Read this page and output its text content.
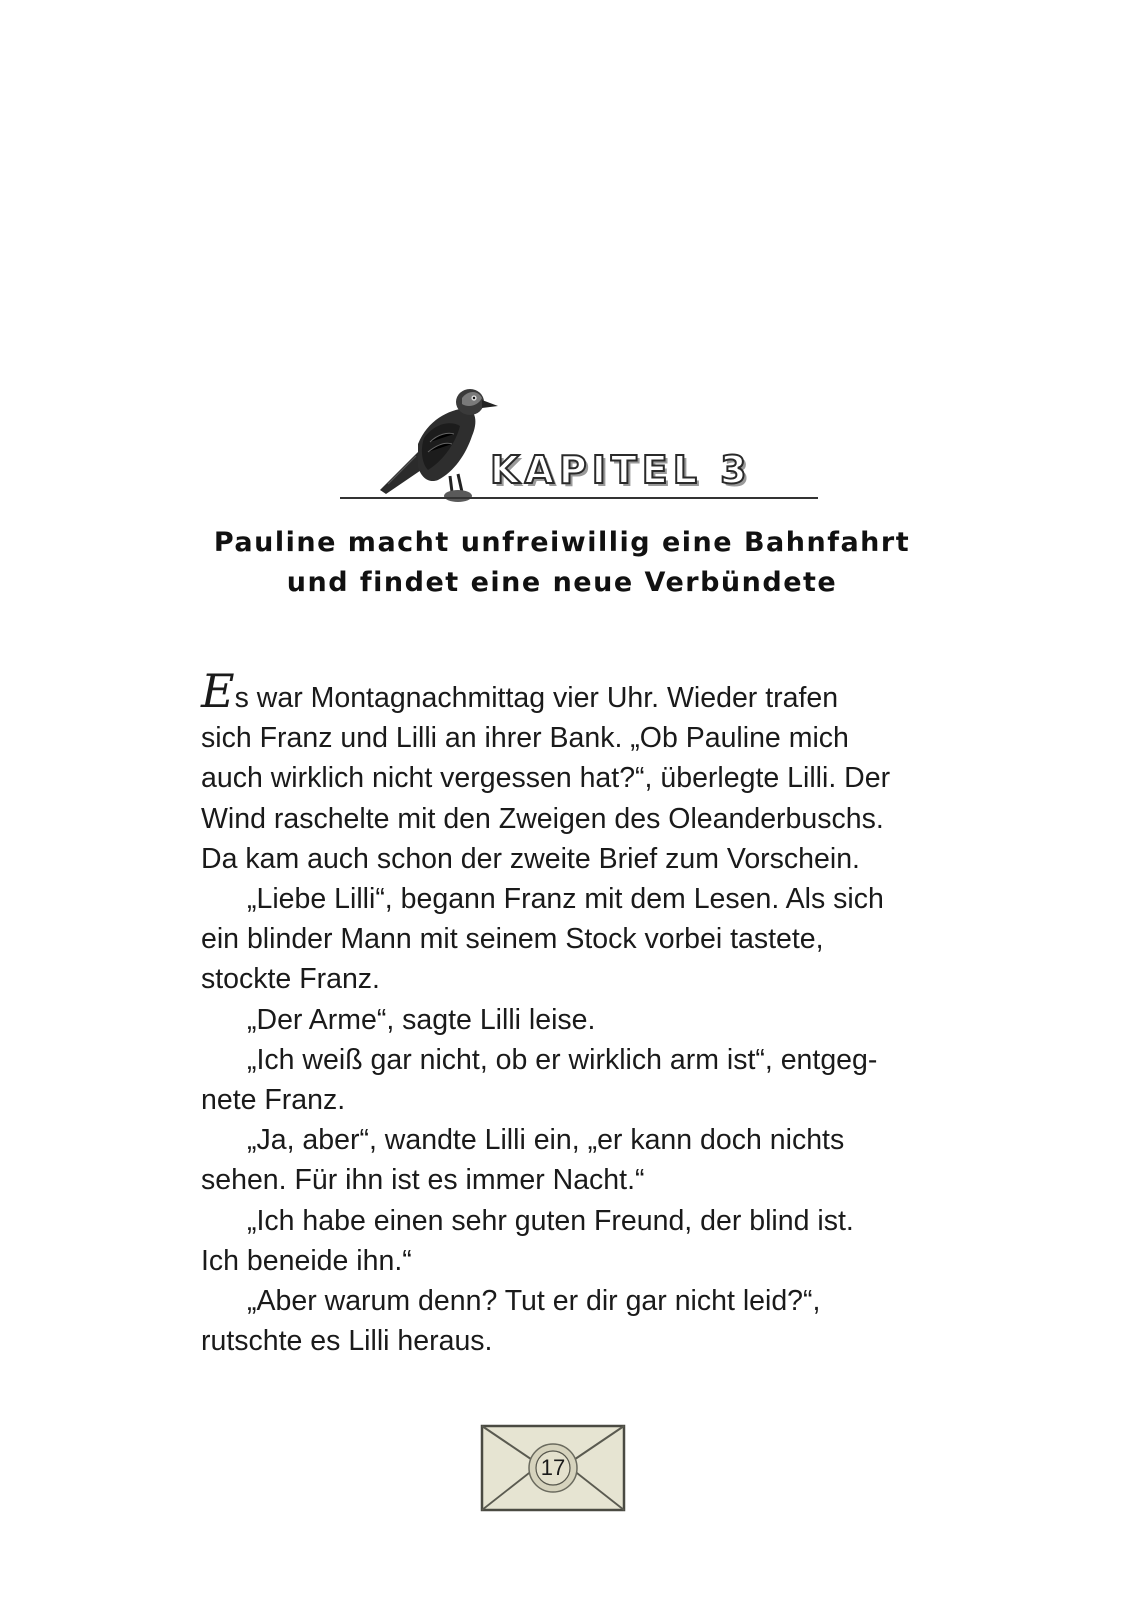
KAPITEL 3
Pauline macht unfreiwillig eine Bahnfahrt
und findet eine neue Verbündete

Es war Montagnachmittag vier Uhr. Wieder trafen

sich Franz und Lilli an ihrer Bank. „Ob Pauline mich

auch wirklich nicht vergessen hat?“, überlegte Lilli. Der

Wind raschelte mit den Zweigen des Oleanderbuschs.

Da kam auch schon der zweite Brief zum Vorschein.

„Liebe Lilli“, begann Franz mit dem Lesen. Als sich

ein blinder Mann mit seinem Stock vorbei tastete,

stockte Franz.

„Der Arme“, sagte Lilli leise.

„Ich weiß gar nicht, ob er wirklich arm ist“, entgeg-

nete Franz.

„Ja, aber“, wandte Lilli ein, „er kann doch nichts

sehen. Für ihn ist es immer Nacht.“

„Ich habe einen sehr guten Freund, der blind ist.

Ich beneide ihn.“

„Aber warum denn? Tut er dir gar nicht leid?“,

rutschte es Lilli heraus.

17
